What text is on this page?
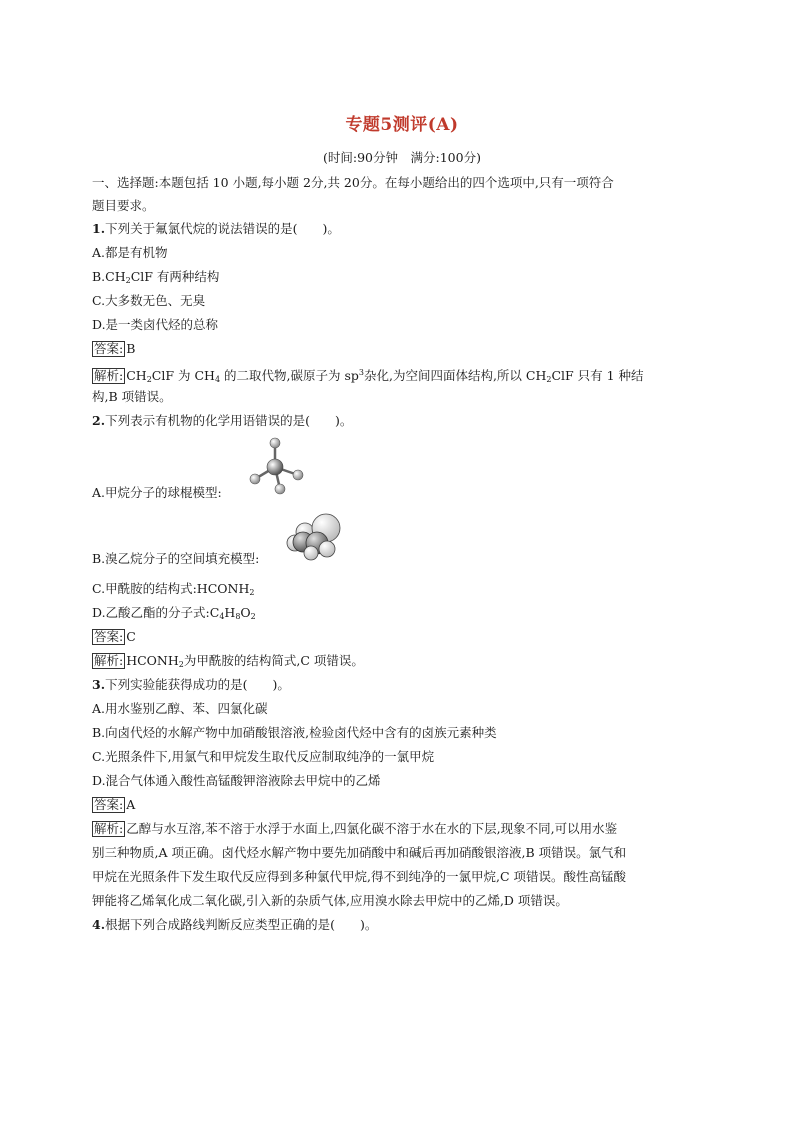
专题5测评(A)
(时间:90分钟　满分:100分)
一、选择题:本题包括 10 小题,每小题 2分,共 20分。在每小题给出的四个选项中,只有一项符合
题目要求。
1.下列关于氟氯代烷的说法错误的是(　　)。
A.都是有机物
$B.CH_2ClF$ 有两种结构
C.大多数无色、无臭
D.是一类卤代烃的总称
答案: B
解析: $CH_2ClF$ 为 $CH_4$ 的二取代物,碳原子为 $sp^3$杂化,为空间四面体结构,所以 $CH_2ClF$ 只有 1 种结
构,B 项错误。
2.下列表示有机物的化学用语错误的是(　　)。
A.甲烷分子的球棍模型:
B.溴乙烷分子的空间填充模型:
C.甲酰胺的结构式$:HCONH_2$
D.乙酸乙酯的分子式$:C_4H_8O_2$
答案: C
解析: $HCONH_2$为甲酰胺的结构简式,C 项错误。
3.下列实验能获得成功的是(　　)。
A.用水鉴别乙醇、苯、四氯化碳
B.向卤代烃的水解产物中加硝酸银溶液,检验卤代烃中含有的卤族元素种类
C.光照条件下,用氯气和甲烷发生取代反应制取纯净的一氯甲烷
D.混合气体通入酸性高锰酸钾溶液除去甲烷中的乙烯
答案: A
解析: 乙醇与水互溶,苯不溶于水浮于水面上,四氯化碳不溶于水在水的下层,现象不同,可以用水鉴
别三种物质,A 项正确。卤代烃水解产物中要先加硝酸中和碱后再加硝酸银溶液,B 项错误。氯气和
甲烷在光照条件下发生取代反应得到多种氯代甲烷,得不到纯净的一氯甲烷,C 项错误。酸性高锰酸
钾能将乙烯氧化成二氧化碳,引入新的杂质气体,应用溴水除去甲烷中的乙烯,D 项错误。
4.根据下列合成路线判断反应类型正确的是(　　)。
